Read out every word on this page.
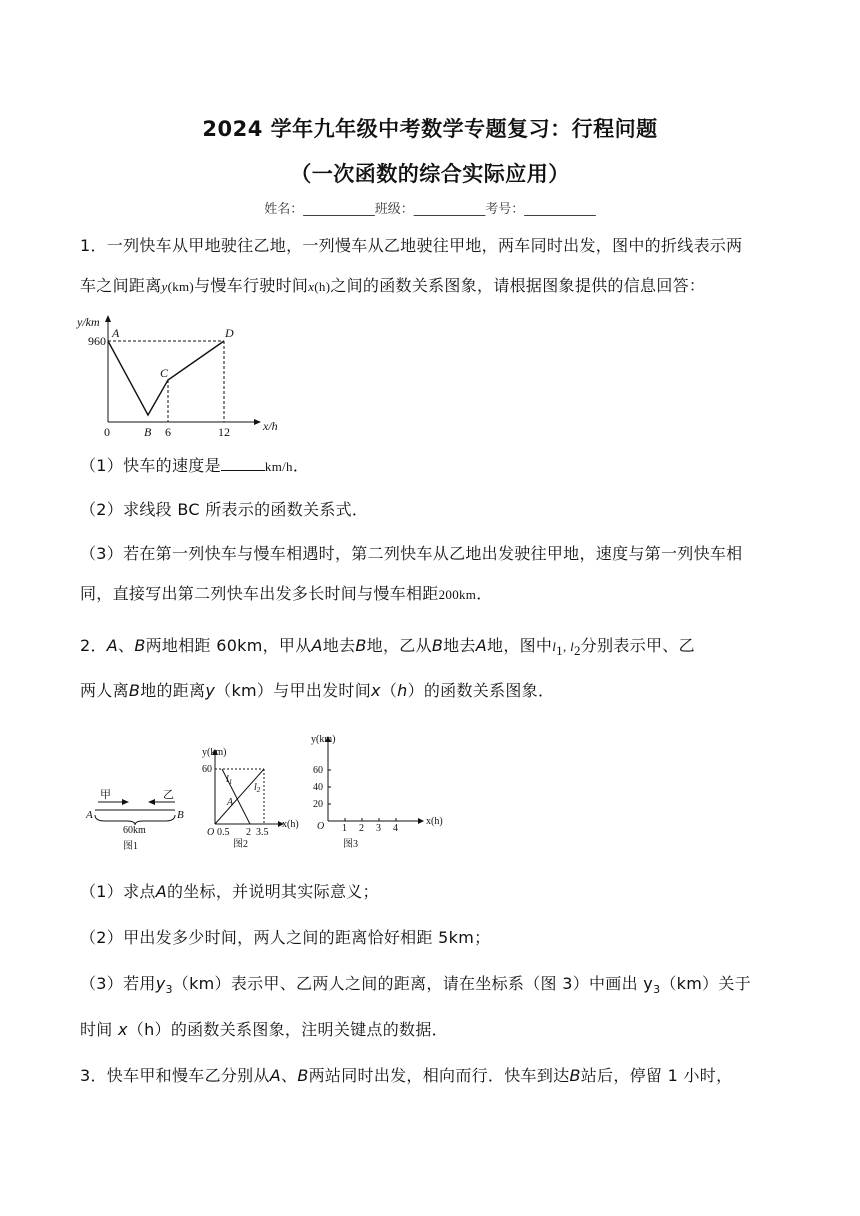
2024 学年九年级中考数学专题复习：行程问题
（一次函数的综合实际应用）
姓名：___________班级：___________考号：___________
1．一列快车从甲地驶往乙地，一列慢车从乙地驶往甲地，两车同时出发，图中的折线表示两
车之间距离y(km)与慢车行驶时间x(h)之间的函数关系图象，请根据图象提供的信息回答：
y/km
x/h
960
0	B 6	12
A
C
D
（1）快车的速度是	km/h．
（2）求线段 BC 所表示的函数关系式．
（3）若在第一列快车与慢车相遇时，第二列快车从乙地出发驶往甲地，速度与第一列快车相
同，直接写出第二列快车出发多长时间与慢车相距200km．
2．A、B两地相距 60km，甲从A地去B地，乙从B地去A地，图中$l_1$, $l_2$分别表示甲、乙
两人离B地的距离y（km）与甲出发时间x（h）的函数关系图象．
甲	乙
A	B
60km
图1
y(km)
x(h)
60
O 0.5 2 3.5
$l_1$ $l_2$
A
图2
y(km)
x(h)
60
40
20
O 1 2 3 4
图3
（1）求点A的坐标，并说明其实际意义；
（2）甲出发多少时间，两人之间的距离恰好相距 5km；
（3）若用$y_3(km)$表示甲、乙两人之间的距离，请在坐标系（图 3）中画出 $y_3(km)$关于
时间 x（h）的函数关系图象，注明关键点的数据．
3．快车甲和慢车乙分别从A、B两站同时出发，相向而行．快车到达B站后，停留 1 小时，
